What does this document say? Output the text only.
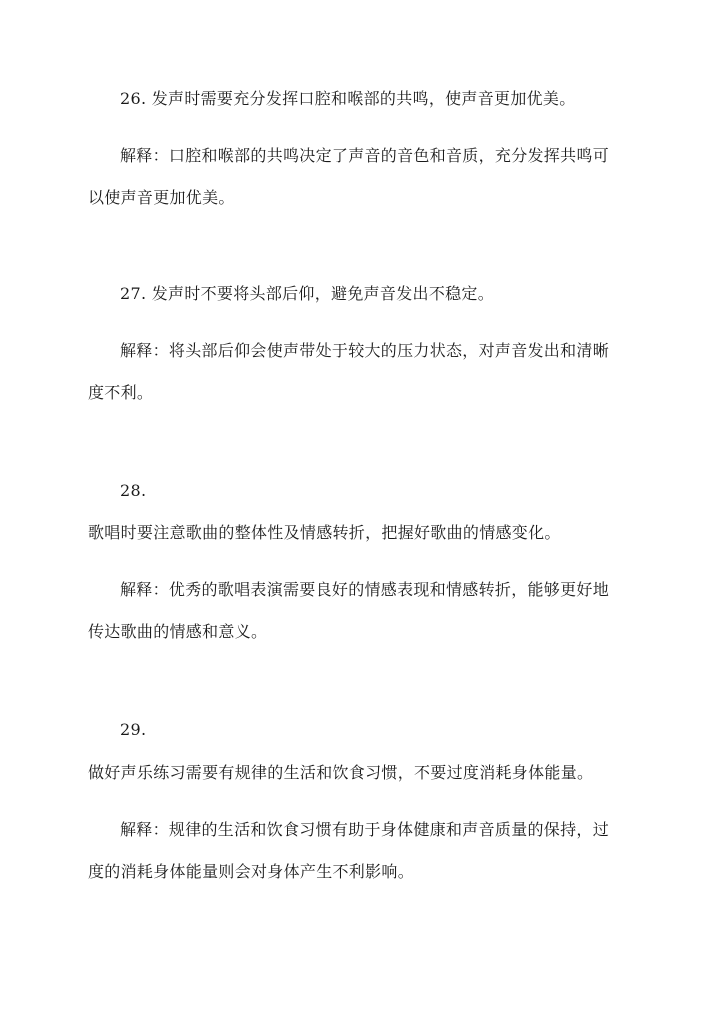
26. 发声时需要充分发挥口腔和喉部的共鸣，使声音更加优美。
解释：口腔和喉部的共鸣决定了声音的音色和音质，充分发挥共鸣可
以使声音更加优美。
27. 发声时不要将头部后仰，避免声音发出不稳定。
解释：将头部后仰会使声带处于较大的压力状态，对声音发出和清晰
度不利。
28.
歌唱时要注意歌曲的整体性及情感转折，把握好歌曲的情感变化。
解释：优秀的歌唱表演需要良好的情感表现和情感转折，能够更好地
传达歌曲的情感和意义。
29.
做好声乐练习需要有规律的生活和饮食习惯，不要过度消耗身体能量。
解释：规律的生活和饮食习惯有助于身体健康和声音质量的保持，过
度的消耗身体能量则会对身体产生不利影响。
